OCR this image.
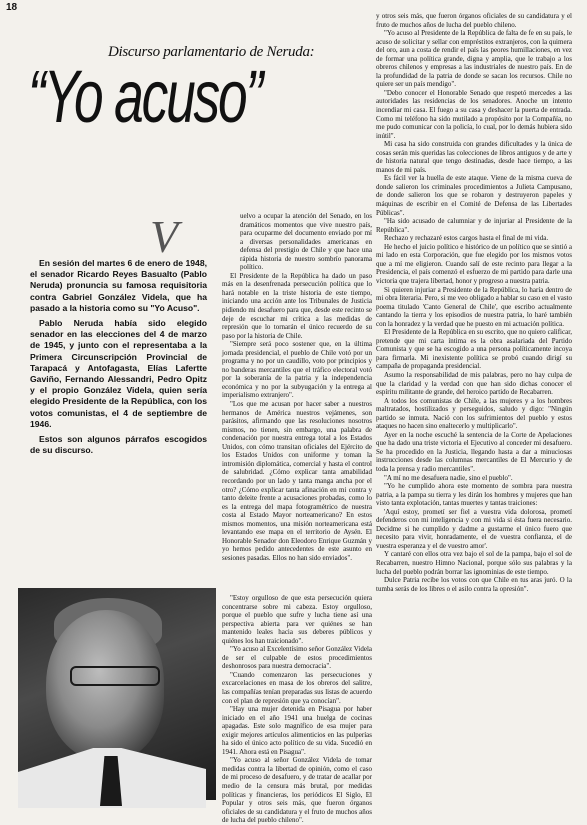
18
Discurso parlamentario de Neruda:
“Yo acuso”

En sesión del martes 6 de enero de 1948, el senador Ricardo Reyes Basualto (Pablo Neruda) pronuncia su famosa requisitoria contra Gabriel González Videla, que ha pasado a la historia como su "Yo Acuso".

Pablo Neruda había sido elegido senador en las elecciones del 4 de marzo de 1945, y junto con el representaba a la Primera Circunscripción Provincial de Tarapacá y Antofagasta, Elías Lafertte Gaviño, Fernando Alessandri, Pedro Opitz y el propio González Videla, quien sería elegido Presidente de la República, con los votos comunistas, el 4 de septiembre de 1946.

Estos son algunos párrafos escogidos de su discurso.

V	uelvo a ocupar la atención del Senado, en los dramáticos momentos que vive nuestro país, para ocuparme del documento enviado por mí a diversas personalidades americanas en defensa del prestigio de Chile y que hace una rápida historia de nuestro sombrío panorama político.

El Presidente de la República ha dado un paso más en la desenfrenada persecución política que lo hará notable en la triste historia de este tiempo, iniciando una acción ante los Tribunales de Justicia pidiendo mi desafuero para que, desde este recinto se deje de escuchar mi crítica a las medidas de represión que lo tornarán el único recuerdo de su paso por la historia de Chile.

"Siempre será poco sostener que, en la última jornada presidencial, el pueblo de Chile votó por un programa y no por un caudillo, voto por principios y no banderas mercantiles que el tráfico electoral votó por la soberanía de la patria y la independencia económica y no por la subyugación y la entrega al imperialismo extranjero".

"Los que me acusan por hacer saber a nuestros hermanos de América nuestros vejámenes, son parásitos, afirmando que las resoluciones nosotros mismos, no tienen, sin embargo, una palabra de condenación por nuestra entrega total a los Estados Unidos, con cómo transitan oficiales del Ejército de los Estados Unidos con uniforme y toman la intromisión diplomática, comercial y hasta el control de salubridad. ¿Cómo explicar tanta amabilidad recordando por un lado y tanta manga ancha por el otro? ¿Cómo explicar tanta afinación en mi contra y tanto deleite frente a acusaciones probadas, como lo es la entrega del mapa fotogramétrico de nuestra costa al Estado Mayor norteamericano? En estos mismos momentos, una misión norteamericana está levantando ese mapa en el territorio de Aysén. El Honorable Senador don Eleodoro Enrique Guzmán y yo hemos pedido antecedentes de este asunto en sesiones pasadas. Ellos no han sido enviados".

"Estoy orgulloso de que esta persecución quiera concentrarse sobre mi cabeza. Estoy orgulloso, porque el pueblo que sufre y lucha tiene así una perspectiva abierta para ver quiénes se han mantenido leales hacia sus deberes públicos y quiénes los han traicionado".

"Yo acuso al Excelentísimo señor González Videla de ser el culpable de estos procedimientos deshonrosos para nuestra democracia".

"Cuando comenzaron las persecuciones y excarcelaciones en masa de los obreros del salitre, las compañías tenían preparadas sus listas de acuerdo con el plan de represión que ya conocían".

"Hay una mujer detenida en Pisagua por haber iniciado en el año 1941 una huelga de cocinas apagadas. Este solo magnífico de esa mujer para exigir mejores artículos alimenticios en las pulperías ha sido el único acto político de su vida. Sucedió en 1941. Ahora está en Pisagua".

"Yo acuso al señor González Videla de tomar medidas contra la libertad de opinión, como el caso de mi proceso de desafuero, y de tratar de acallar por medio de la censura más brutal, por medidas políticas y financieras, los periódicos El Siglo, El Popular y otros seis más, que fueron órganos oficiales de su candidatura y el fruto de muchos años de lucha del pueblo chileno".

y otros seis más, que fueron órganos oficiales de su candidatura y el fruto de muchos años de lucha del pueblo chileno.

"Yo acuso al Presidente de la República de falta de fe en su país, le acuso de solicitar y sellar con empréstitos extranjeros, con la quimera del oro, aun a costa de rendir el país las peores humillaciones, en vez de formar una política grande, digna y amplia, que le trabajo a los obreros chilenos y empresas a las industriales de nuestro país. En de la profundidad de la patria de donde se sacan los recursos. Chile no quiere ser un país mendigo".

"Debo conocer el Honorable Senado que respetó mercedes a las autoridades las residencias de los senadores. Anoche un intento incendiar mi casa. El fuego a su casa y deshacer la puerta de entrada. Como mi teléfono ha sido mutilado a propósito por la Compañía, no me pudo comunicar con la policía, lo cual, por lo demás hubiera sido inútil".

Mi casa ha sido construida con grandes dificultades y la única de cosas serán mis queridas las colecciones de libros antiguos y de arte y de historia natural que tengo destinadas, desde hace tiempo, a las manos de mi país.

Es fácil ver la huella de este ataque. Viene de la misma cueva de donde salieron los criminales procedimientos a Julieta Campusano, de donde salieron los que se robaron y destruyeron papeles y máquinas de escribir en el Comité de Defensa de las Libertades Públicas".

"Ha sido acusado de calumniar y de injuriar al Presidente de la República".

Rechazo y rechazaré estos cargos hasta el final de mi vida.

He hecho el juicio político e histórico de un político que se sintió a mi lado en esta Corporación, que fue elegido por los mismos votos que a mí me eligieron. Cuando salí de este recinto para llegar a la Presidencia, el país comenzó el esfuerzo de mi partido para darle una victoria que trajera libertad, honor y progreso a nuestra patria.

Si quieren injuriar a Presidente de la República, lo haría dentro de mi obra literaria. Pero, si me veo obligado a hablar su caso en el vasto poema titulado 'Canto General de Chile', que escribo actualmente cantando la tierra y los episodios de nuestra patria, lo haré también con la honradez y la verdad que he puesto en mi actuación política.

El Presidente de la República en su escrito, que no quiero calificar, pretende que mi carta íntima es la obra asalariada del Partido Comunista y que se ha escogido a una persona políticamente incoya para firmarla. Mi inexistente política se probó cuando dirigí su campaña de propaganda presidencial.

Asumo la responsabilidad de mis palabras, pero no hay culpa de que la claridad y la verdad con que han sido dichas conocer el espíritu militante de grande, del heroico partido de Recabarren.

A todos los comunistas de Chile, a las mujeres y a los hombres maltratados, hostilizados y perseguidos, saludo y digo: "Ningún partido se inmuta. Nació con los sufrimientos del pueblo y estos ataques no hacen sino enaltecerlo y multiplicarlo".

Ayer en la noche escuché la sentencia de la Corte de Apelaciones que ha dado una triste victoria el Ejecutivo al conceder mi desafuero. Se ha procedido en la Justicia, llegando hasta a dar a minuciosas instrucciones desde las columnas mercantiles de El Mercurio y de toda la prensa y radio mercantiles".

"A mí no me desafuera nadie, sino el pueblo".

"Yo he cumplido ahora este momento de sombra para nuestra patria, a la pampa su tierra y les dirán los hombres y mujeres que han visto tanta explotación, tantas muertes y tantas traiciones:

'Aquí estoy, prometí ser fiel a vuestra vida dolorosa, prometí defenderos con mi inteligencia y con mi vida si ésta fuera necesario. Decidme si he cumplido y dadme a gustarme el único fuero que necesito para vivir, honradamente, el de vuestra confianza, el de vuestra esperanza y el de vuestro amor'.

Y cantaré con ellos otra vez bajo el sol de la pampa, bajo el sol de Recabarren, nuestro Himno Nacional, porque sólo sus palabras y la lucha del pueblo podrán borrar las ignominias de este tiempo.

Dulce Patria recibe los votos con que Chile en tus aras juró. O la tumba serás de los libres o el asilo contra la opresión".
